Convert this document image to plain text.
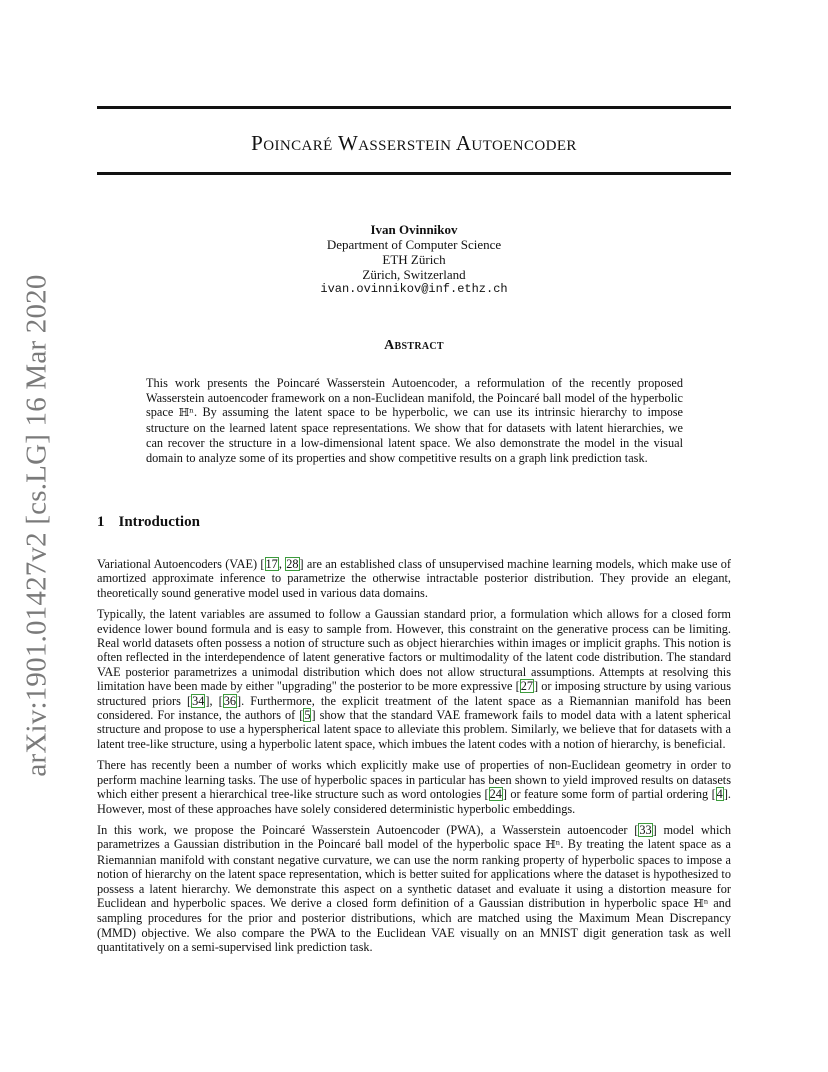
arXiv:1901.01427v2 [cs.LG] 16 Mar 2020
Poincaré Wasserstein Autoencoder
Ivan Ovinnikov
Department of Computer Science
ETH Zürich
Zürich, Switzerland
ivan.ovinnikov@inf.ethz.ch
Abstract

This work presents the Poincaré Wasserstein Autoencoder, a reformulation of the recently proposed Wasserstein autoencoder framework on a non-Euclidean manifold, the Poincaré ball model of the hyperbolic space ℍⁿ. By assuming the latent space to be hyperbolic, we can use its intrinsic hierarchy to impose structure on the learned latent space representations. We show that for datasets with latent hierarchies, we can recover the structure in a low-dimensional latent space. We also demonstrate the model in the visual domain to analyze some of its properties and show competitive results on a graph link prediction task.

1 Introduction

Variational Autoencoders (VAE) [17, 28] are an established class of unsupervised machine learning models, which make use of amortized approximate inference to parametrize the otherwise intractable posterior distribution. They provide an elegant, theoretically sound generative model used in various data domains.

Typically, the latent variables are assumed to follow a Gaussian standard prior, a formulation which allows for a closed form evidence lower bound formula and is easy to sample from. However, this constraint on the generative process can be limiting. Real world datasets often possess a notion of structure such as object hierarchies within images or implicit graphs. This notion is often reflected in the interdependence of latent generative factors or multimodality of the latent code distribution. The standard VAE posterior parametrizes a unimodal distribution which does not allow structural assumptions. Attempts at resolving this limitation have been made by either "upgrading" the posterior to be more expressive [27] or imposing structure by using various structured priors [34], [36]. Furthermore, the explicit treatment of the latent space as a Riemannian manifold has been considered. For instance, the authors of [5] show that the standard VAE framework fails to model data with a latent spherical structure and propose to use a hyperspherical latent space to alleviate this problem. Similarly, we believe that for datasets with a latent tree-like structure, using a hyperbolic latent space, which imbues the latent codes with a notion of hierarchy, is beneficial.

There has recently been a number of works which explicitly make use of properties of non-Euclidean geometry in order to perform machine learning tasks. The use of hyperbolic spaces in particular has been shown to yield improved results on datasets which either present a hierarchical tree-like structure such as word ontologies [24] or feature some form of partial ordering [4]. However, most of these approaches have solely considered deterministic hyperbolic embeddings.

In this work, we propose the Poincaré Wasserstein Autoencoder (PWA), a Wasserstein autoencoder [33] model which parametrizes a Gaussian distribution in the Poincaré ball model of the hyperbolic space ℍⁿ. By treating the latent space as a Riemannian manifold with constant negative curvature, we can use the norm ranking property of hyperbolic spaces to impose a notion of hierarchy on the latent space representation, which is better suited for applications where the dataset is hypothesized to possess a latent hierarchy. We demonstrate this aspect on a synthetic dataset and evaluate it using a distortion measure for Euclidean and hyperbolic spaces. We derive a closed form definition of a Gaussian distribution in hyperbolic space ℍⁿ and sampling procedures for the prior and posterior distributions, which are matched using the Maximum Mean Discrepancy (MMD) objective. We also compare the PWA to the Euclidean VAE visually on an MNIST digit generation task as well quantitatively on a semi-supervised link prediction task.
